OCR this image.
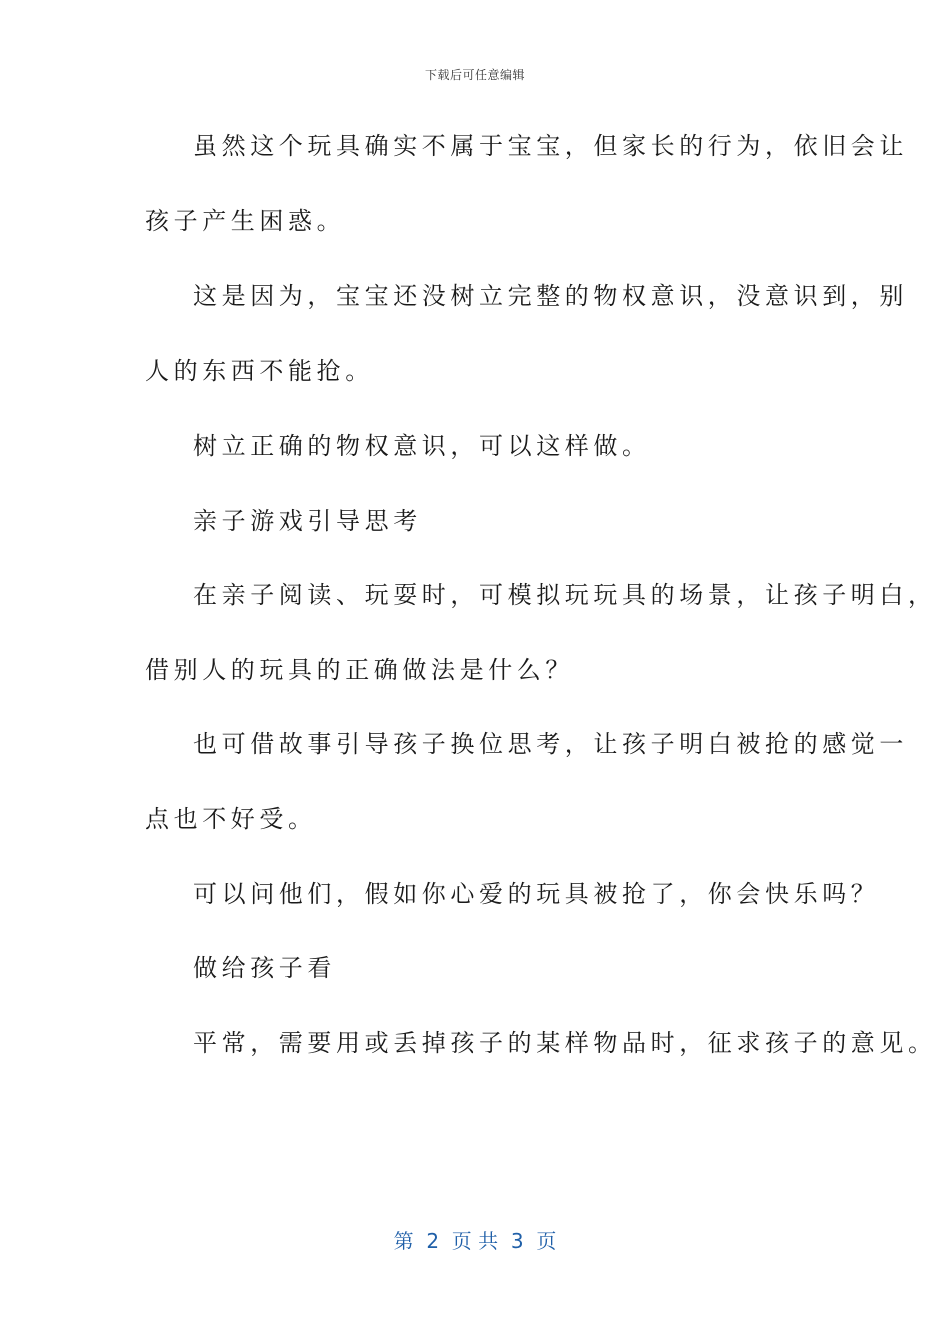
下载后可任意编辑
虽然这个玩具确实不属于宝宝，但家长的行为，依旧会让
孩子产生困惑。
这是因为，宝宝还没树立完整的物权意识，没意识到，别
人的东西不能抢。
树立正确的物权意识，可以这样做。
亲子游戏引导思考
在亲子阅读、玩耍时，可模拟玩玩具的场景，让孩子明白，
借别人的玩具的正确做法是什么？
也可借故事引导孩子换位思考，让孩子明白被抢的感觉一
点也不好受。
可以问他们，假如你心爱的玩具被抢了，你会快乐吗？
做给孩子看
平常，需要用或丢掉孩子的某样物品时，征求孩子的意见。
第  2  页 共  3  页
